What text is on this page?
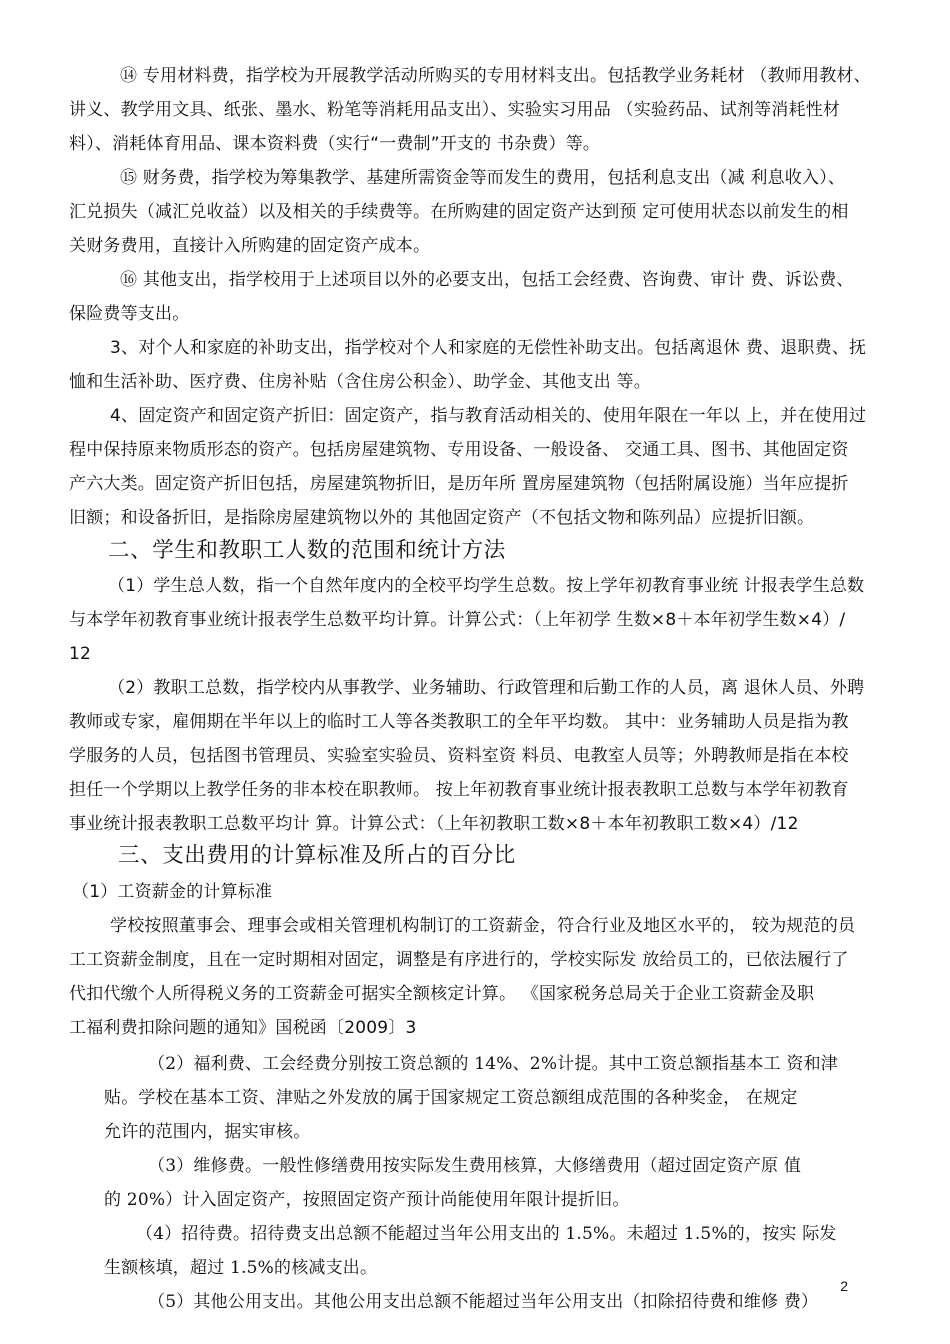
⑭ 专用材料费，指学校为开展教学活动所购买的专用材料支出。包括教学业务耗材 （教师用教材、
讲义、教学用文具、纸张、墨水、粉笔等消耗用品支出）、实验实习用品 （实验药品、试剂等消耗性材
料）、消耗体育用品、课本资料费（实行“一费制”开支的 书杂费）等。
⑮ 财务费，指学校为筹集教学、基建所需资金等而发生的费用，包括利息支出（减 利息收入）、
汇兑损失（减汇兑收益）以及相关的手续费等。在所购建的固定资产达到预 定可使用状态以前发生的相
关财务费用，直接计入所购建的固定资产成本。
⑯ 其他支出，指学校用于上述项目以外的必要支出，包括工会经费、咨询费、审计 费、诉讼费、
保险费等支出。
3、对个人和家庭的补助支出，指学校对个人和家庭的无偿性补助支出。包括离退休 费、退职费、抚
恤和生活补助、医疗费、住房补贴（含住房公积金）、助学金、其他支出 等。
4、固定资产和固定资产折旧：固定资产，指与教育活动相关的、使用年限在一年以 上，并在使用过
程中保持原来物质形态的资产。包括房屋建筑物、专用设备、一般设备、 交通工具、图书、其他固定资
产六大类。固定资产折旧包括，房屋建筑物折旧，是历年所 置房屋建筑物（包括附属设施）当年应提折
旧额；和设备折旧，是指除房屋建筑物以外的 其他固定资产（不包括文物和陈列品）应提折旧额。
二、学生和教职工人数的范围和统计方法
（1）学生总人数，指一个自然年度内的全校平均学生总数。按上学年初教育事业统 计报表学生总数
与本学年初教育事业统计报表学生总数平均计算。计算公式：（上年初学 生数×8＋本年初学生数×4）/
12
（2）教职工总数，指学校内从事教学、业务辅助、行政管理和后勤工作的人员，离 退休人员、外聘
教师或专家，雇佣期在半年以上的临时工人等各类教职工的全年平均数。 其中：业务辅助人员是指为教
学服务的人员，包括图书管理员、实验室实验员、资料室资 料员、电教室人员等；外聘教师是指在本校
担任一个学期以上教学任务的非本校在职教师。 按上年初教育事业统计报表教职工总数与本学年初教育
事业统计报表教职工总数平均计 算。计算公式：（上年初教职工数×8＋本年初教职工数×4）/12
三、支出费用的计算标准及所占的百分比
（1）工资薪金的计算标准
学校按照董事会、理事会或相关管理机构制订的工资薪金，符合行业及地区水平的， 较为规范的员
工工资薪金制度，且在一定时期相对固定，调整是有序进行的，学校实际发 放给员工的，已依法履行了
代扣代缴个人所得税义务的工资薪金可据实全额核定计算。 《国家税务总局关于企业工资薪金及职
工福利费扣除问题的通知》国税函〔2009〕3
（2）福利费、工会经费分别按工资总额的 14%、2%计提。其中工资总额指基本工 资和津
贴。学校在基本工资、津贴之外发放的属于国家规定工资总额组成范围的各种奖金， 在规定
允许的范围内，据实审核。
（3）维修费。一般性修缮费用按实际发生费用核算，大修缮费用（超过固定资产原 值
的 20%）计入固定资产，按照固定资产预计尚能使用年限计提折旧。
（4）招待费。招待费支出总额不能超过当年公用支出的 1.5%。未超过 1.5%的，按实 际发
生额核填，超过 1.5%的核减支出。
（5）其他公用支出。其他公用支出总额不能超过当年公用支出（扣除招待费和维修 费）
2
